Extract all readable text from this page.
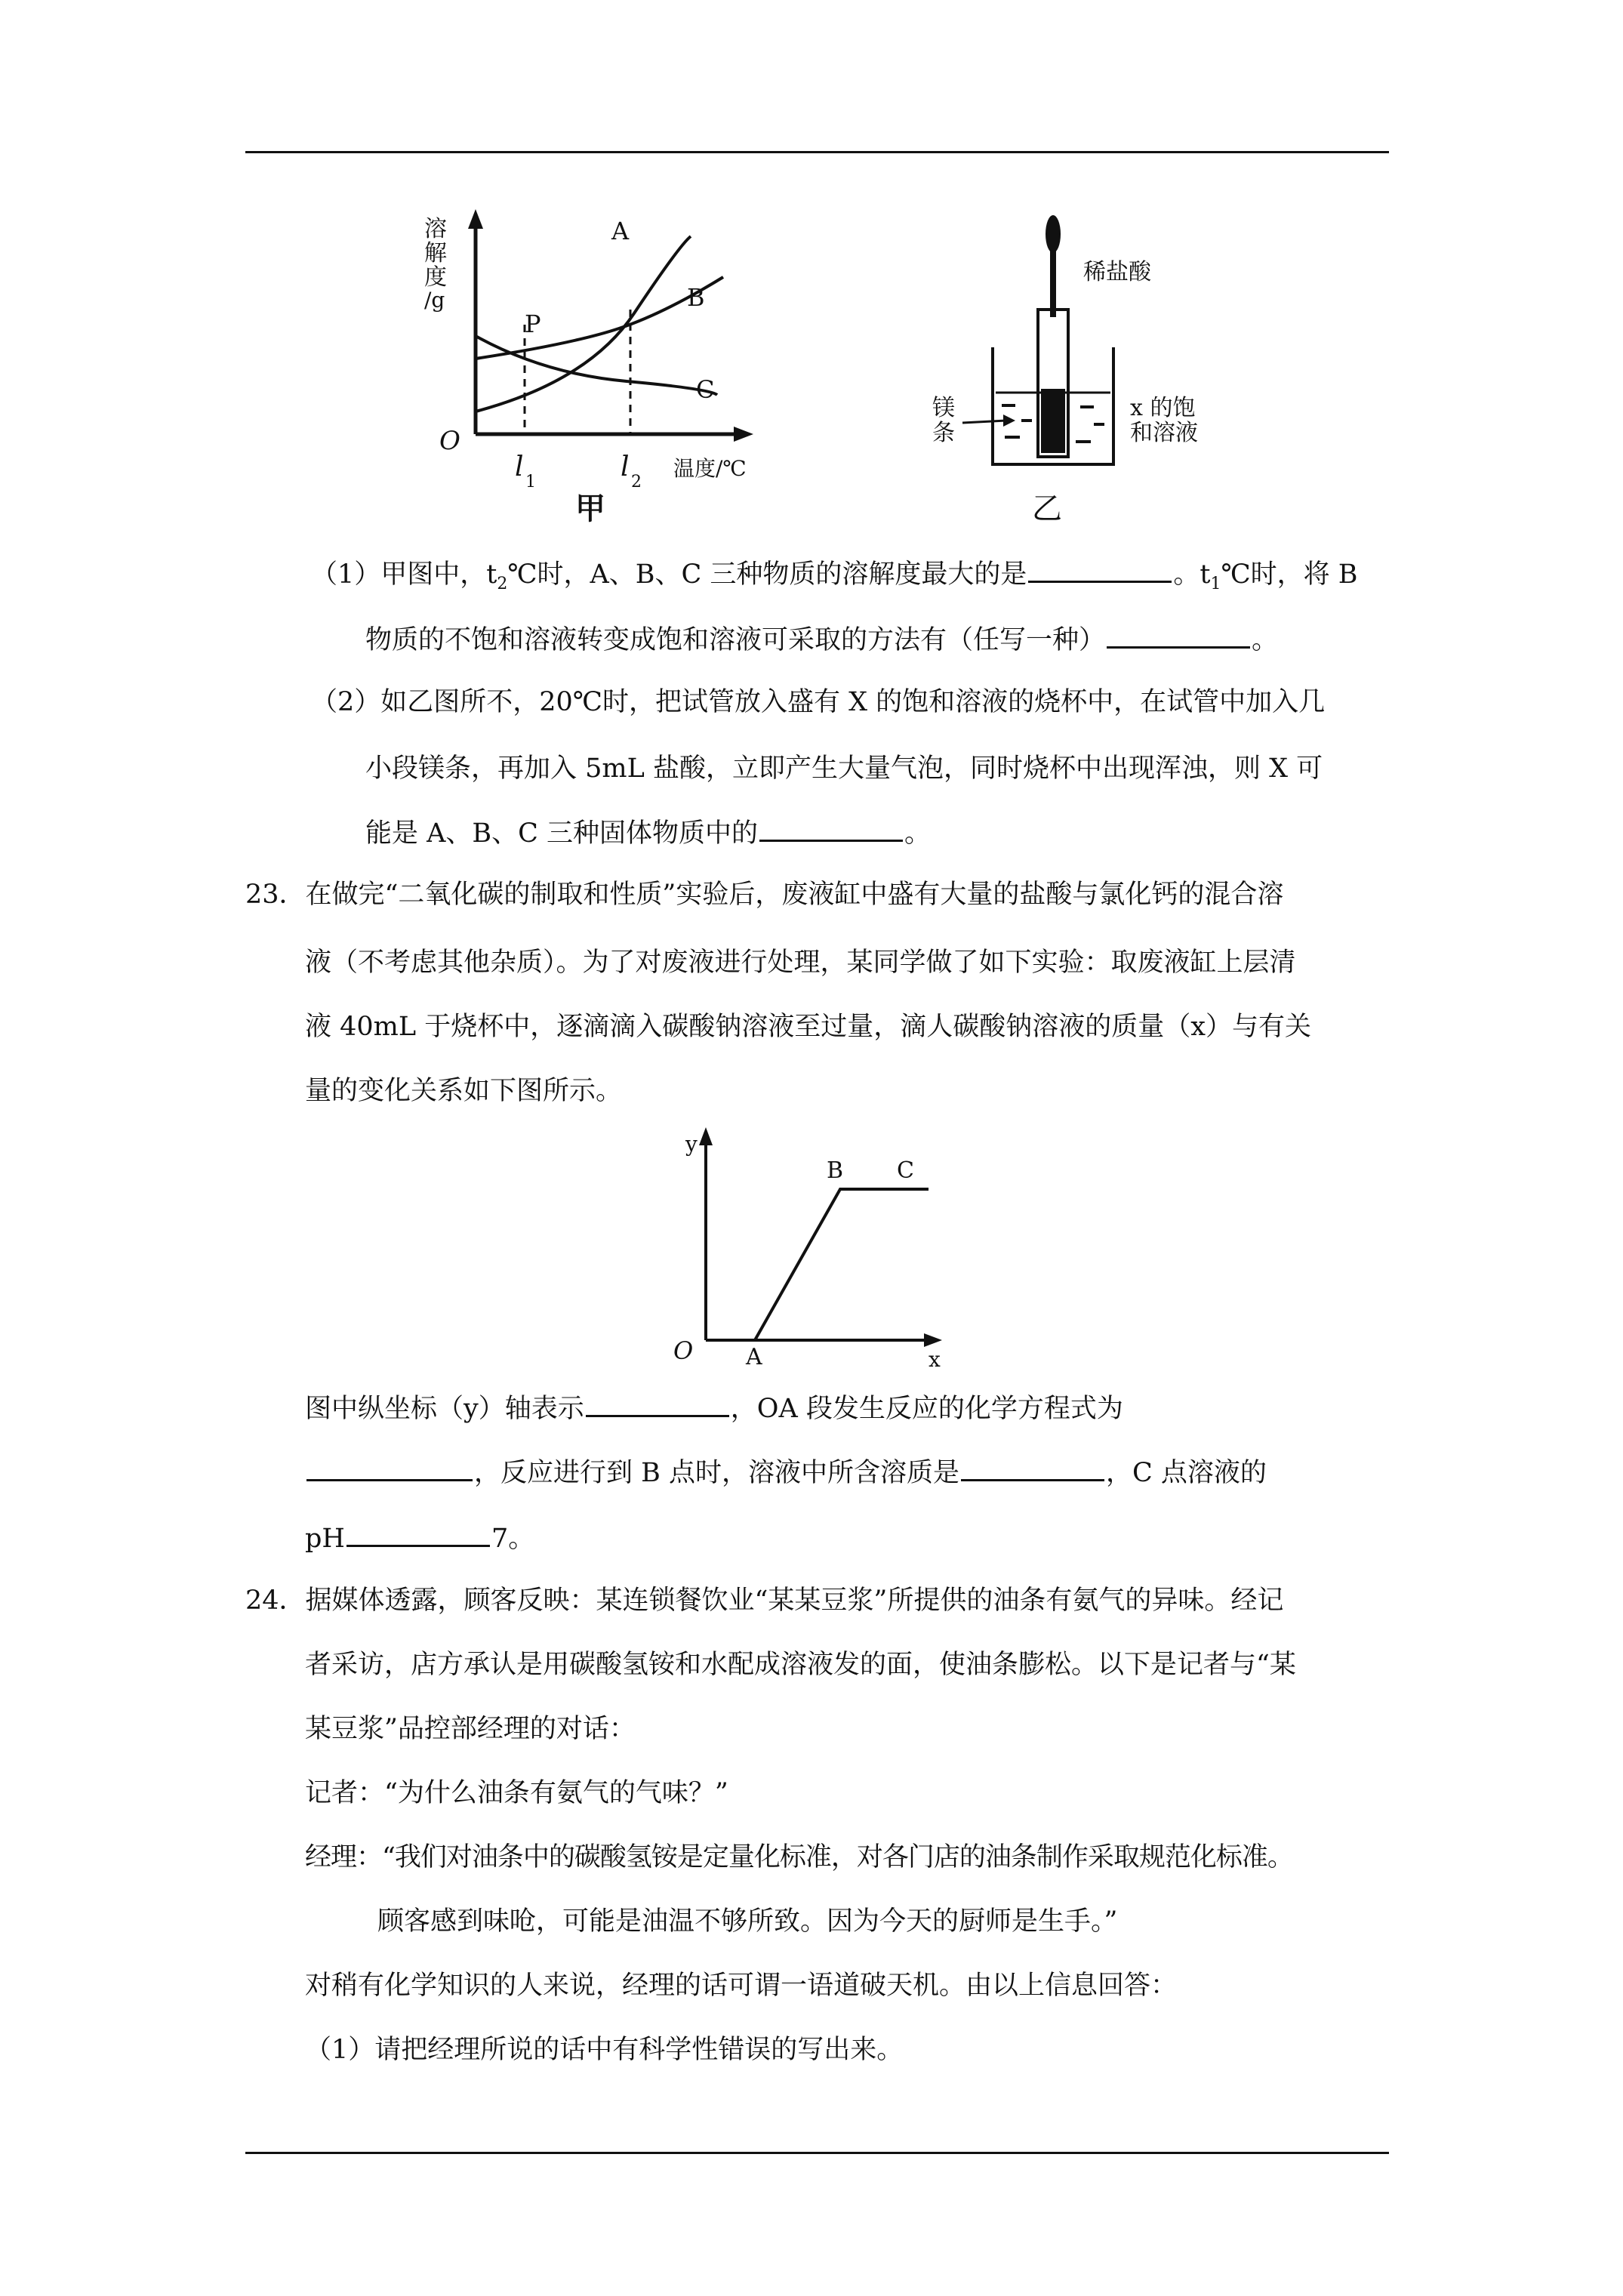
溶
解
度
/g
O
P
A
B
C
l 1	l 2
温度/℃
甲
稀盐酸
镁
条
x 的饱
和溶液
乙
（1）甲图中，$t_2℃$时，A、B、C 三种物质的溶解度最大的是	。$t_1℃$时，将 B
物质的不饱和溶液转变成饱和溶液可采取的方法有（任写一种）	。
（2）如乙图所不，20℃时，把试管放入盛有 X 的饱和溶液的烧杯中，在试管中加入几
小段镁条，再加入 5mL 盐酸，立即产生大量气泡，同时烧杯中出现浑浊，则 X 可
能是 A、B、C 三种固体物质中的	。
23．在做完“二氧化碳的制取和性质”实验后，废液缸中盛有大量的盐酸与氯化钙的混合溶
液（不考虑其他杂质）。为了对废液进行处理，某同学做了如下实验：取废液缸上层清
液 40mL 于烧杯中，逐滴滴入碳酸钠溶液至过量，滴人碳酸钠溶液的质量（x）与有关
量的变化关系如下图所示。
y
x
O A
B C
图中纵坐标（y）轴表示	，OA 段发生反应的化学方程式为
，反应进行到 B 点时，溶液中所含溶质是	，C 点溶液的
pH	7。
24．据媒体透露，顾客反映：某连锁餐饮业“某某豆浆”所提供的油条有氨气的异味。经记
者采访，店方承认是用碳酸氢铵和水配成溶液发的面，使油条膨松。以下是记者与“某
某豆浆”品控部经理的对话：
记者：“为什么油条有氨气的气味？”
经理：“我们对油条中的碳酸氢铵是定量化标准，对各门店的油条制作采取规范化标准。
顾客感到味呛，可能是油温不够所致。因为今天的厨师是生手。”
对稍有化学知识的人来说，经理的话可谓一语道破天机。由以上信息回答：
（1）请把经理所说的话中有科学性错误的写出来。
